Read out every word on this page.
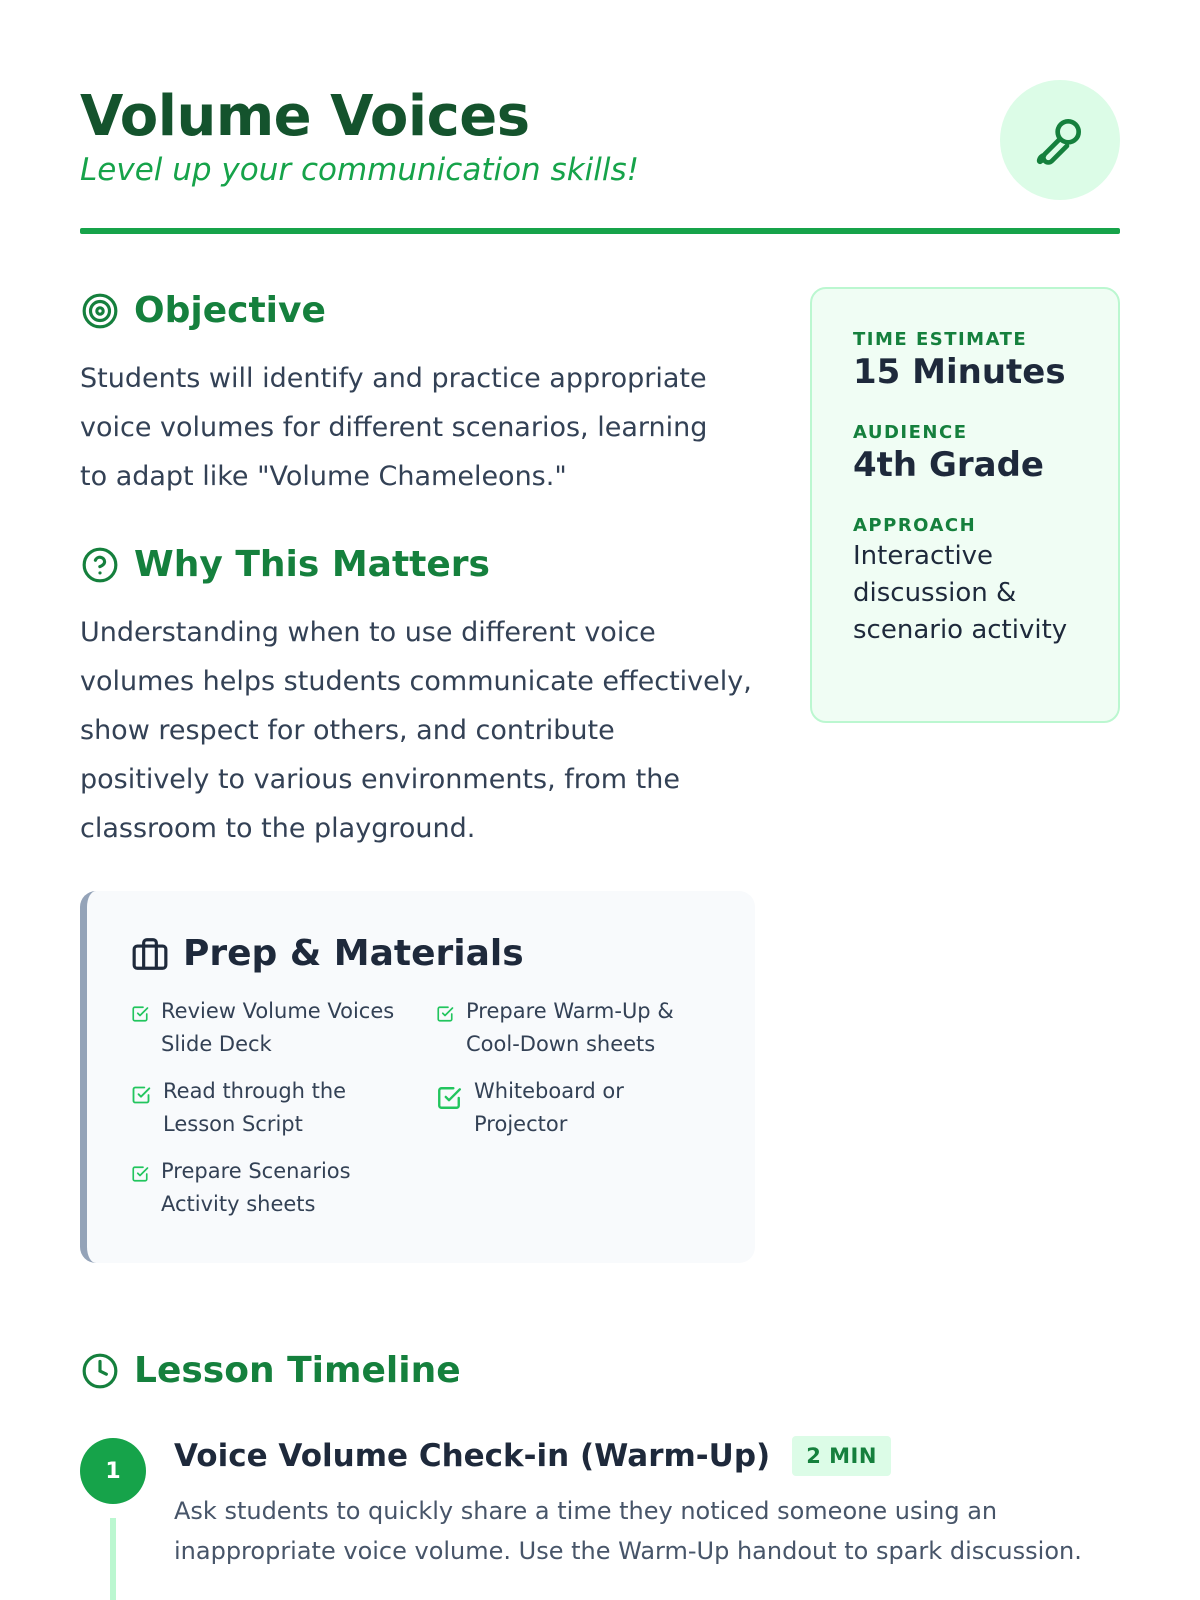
Volume Voices
Level up your communication skills!
Objective
Students will identify and practice appropriate voice volumes for different scenarios, learning to adapt like "Volume Chameleons."
Why This Matters
Understanding when to use different voice volumes helps students communicate effectively, show respect for others, and contribute positively to various environments, from the classroom to the playground.
TIME ESTIMATE
15 Minutes
AUDIENCE
4th Grade
APPROACH
Interactive discussion & scenario activity
Prep & Materials
Review Volume Voices Slide Deck
Prepare Warm-Up & Cool-Down sheets
Read through the Lesson Script
Whiteboard or Projector
Prepare Scenarios Activity sheets
Lesson Timeline
1	Voice Volume Check-in (Warm-Up)	2 MIN
Ask students to quickly share a time they noticed someone using an inappropriate voice volume. Use the Warm-Up handout to spark discussion.
